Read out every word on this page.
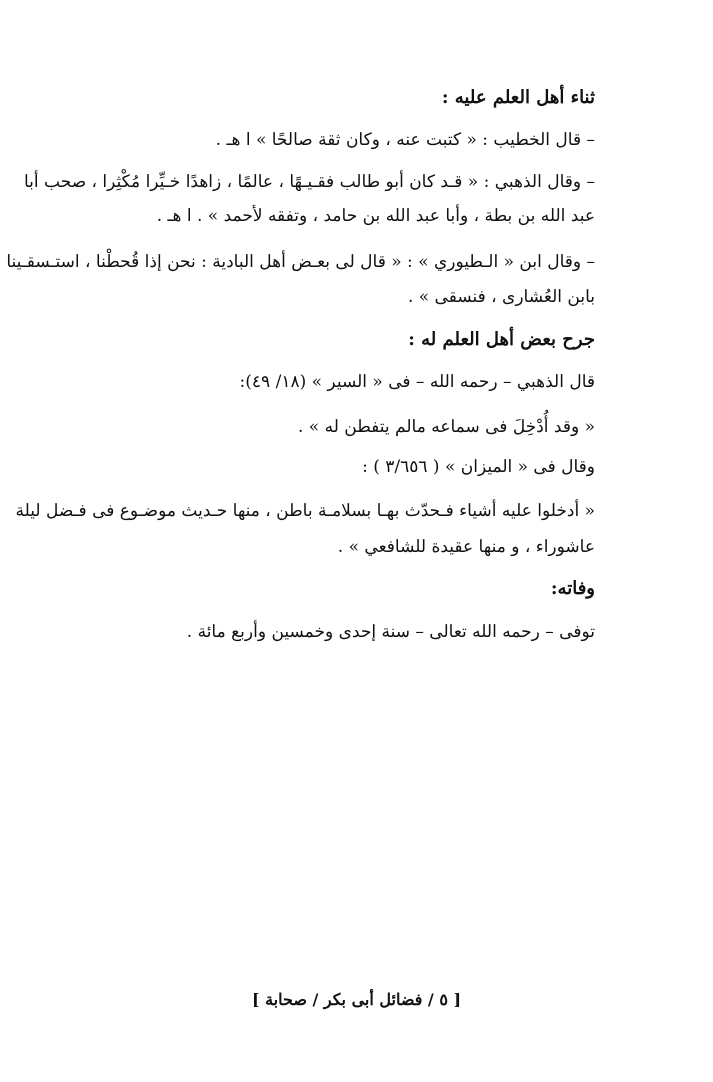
ثناء أهل العلم عليه :
– قال الخطيب : « كتبت عنه ، وكان ثقة صالحًا » ا هـ .
– وقال الذهبي : « قـد كان أبو طالب فقـيـهًا ، عالمًا ، زاهدًا خـيِّرا مُكْثِرا ، صحب أبا
عبد الله بن بطة ، وأبا عبد الله بن حامد ، وتفقه لأحمد » . ا هـ .
– وقال ابن « الـطيوري » : « قال لى بعـض أهل البادية : نحن إذا قُحطْنا ، استـسقـينا
بابن العُشارى ، فنسقى » .
جرح بعض أهل العلم له :
قال الذهبي – رحمه الله – فى « السير » (١٨/ ٤٩):
« وقد أُدْخِلَ فى سماعه مالم يتفطن له » .
وقال فى « الميزان » ( ٣/٦٥٦ ) :
« أدخلوا عليه أشياء فـحدّث بهـا بسلامـة باطن ، منها حـديث موضـوع فى فـضل ليلة
عاشوراء ، و منها عقيدة للشافعي » .
وفاته:
توفى – رحمه الله تعالى – سنة إحدى وخمسين وأربع مائة .
[ ٥ / فضائل أبى بكر / صحابة ]
